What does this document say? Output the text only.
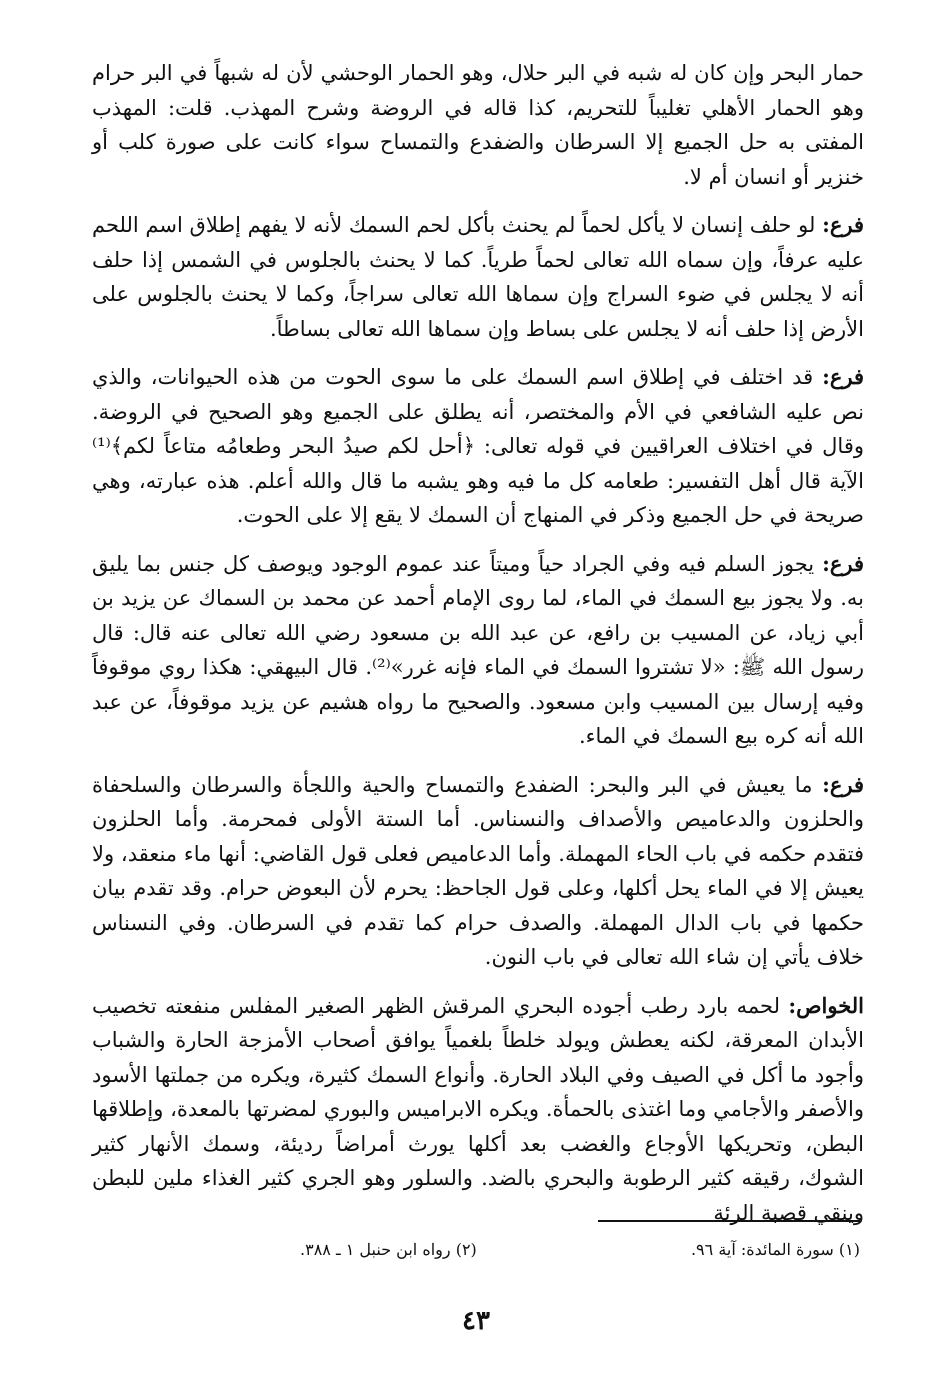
حمار البحر وإن كان له شبه في البر حلال، وهو الحمار الوحشي لأن له شبهاً في البر حرام وهو الحمار الأهلي تغليباً للتحريم، كذا قاله في الروضة وشرح المهذب. قلت: المهذب المفتى به حل الجميع إلا السرطان والضفدع والتمساح سواء كانت على صورة كلب أو خنزير أو انسان أم لا.

فرع: لو حلف إنسان لا يأكل لحماً لم يحنث بأكل لحم السمك لأنه لا يفهم إطلاق اسم اللحم عليه عرفاً، وإن سماه الله تعالى لحماً طرياً. كما لا يحنث بالجلوس في الشمس إذا حلف أنه لا يجلس في ضوء السراج وإن سماها الله تعالى سراجاً، وكما لا يحنث بالجلوس على الأرض إذا حلف أنه لا يجلس على بساط وإن سماها الله تعالى بساطاً.

فرع: قد اختلف في إطلاق اسم السمك على ما سوى الحوت من هذه الحيوانات، والذي نص عليه الشافعي في الأم والمختصر، أنه يطلق على الجميع وهو الصحيح في الروضة. وقال في اختلاف العراقيين في قوله تعالى: ﴿أحل لكم صيدُ البحر وطعامُه متاعاً لكم﴾⁽¹⁾ الآية قال أهل التفسير: طعامه كل ما فيه وهو يشبه ما قال والله أعلم. هذه عبارته، وهي صريحة في حل الجميع وذكر في المنهاج أن السمك لا يقع إلا على الحوت.

فرع: يجوز السلم فيه وفي الجراد حياً وميتاً عند عموم الوجود ويوصف كل جنس بما يليق به. ولا يجوز بيع السمك في الماء، لما روى الإمام أحمد عن محمد بن السماك عن يزيد بن أبي زياد، عن المسيب بن رافع، عن عبد الله بن مسعود رضي الله تعالى عنه قال: قال رسول الله ﷺ: «لا تشتروا السمك في الماء فإنه غرر»⁽²⁾. قال البيهقي: هكذا روي موقوفاً وفيه إرسال بين المسيب وابن مسعود. والصحيح ما رواه هشيم عن يزيد موقوفاً، عن عبد الله أنه كره بيع السمك في الماء.

فرع: ما يعيش في البر والبحر: الضفدع والتمساح والحية واللجأة والسرطان والسلحفاة والحلزون والدعاميص والأصداف والنسناس. أما الستة الأولى فمحرمة. وأما الحلزون فتقدم حكمه في باب الحاء المهملة. وأما الدعاميص فعلى قول القاضي: أنها ماء منعقد، ولا يعيش إلا في الماء يحل أكلها، وعلى قول الجاحظ: يحرم لأن البعوض حرام. وقد تقدم بيان حكمها في باب الدال المهملة. والصدف حرام كما تقدم في السرطان. وفي النسناس خلاف يأتي إن شاء الله تعالى في باب النون.

الخواص: لحمه بارد رطب أجوده البحري المرقش الظهر الصغير المفلس منفعته تخصيب الأبدان المعرقة، لكنه يعطش ويولد خلطاً بلغمياً يوافق أصحاب الأمزجة الحارة والشباب وأجود ما أكل في الصيف وفي البلاد الحارة. وأنواع السمك كثيرة، ويكره من جملتها الأسود والأصفر والأجامي وما اغتذى بالحمأة. ويكره الابراميس والبوري لمضرتها بالمعدة، وإطلاقها البطن، وتحريكها الأوجاع والغضب بعد أكلها يورث أمراضاً رديئة، وسمك الأنهار كثير الشوك، رقيقه كثير الرطوبة والبحري بالضد. والسلور وهو الجري كثير الغذاء ملين للبطن وينقي قصبة الرئة

(١) سورة المائدة: آية ٩٦.
(٢) رواه ابن حنبل ١ ـ ٣٨٨.
٤٣
